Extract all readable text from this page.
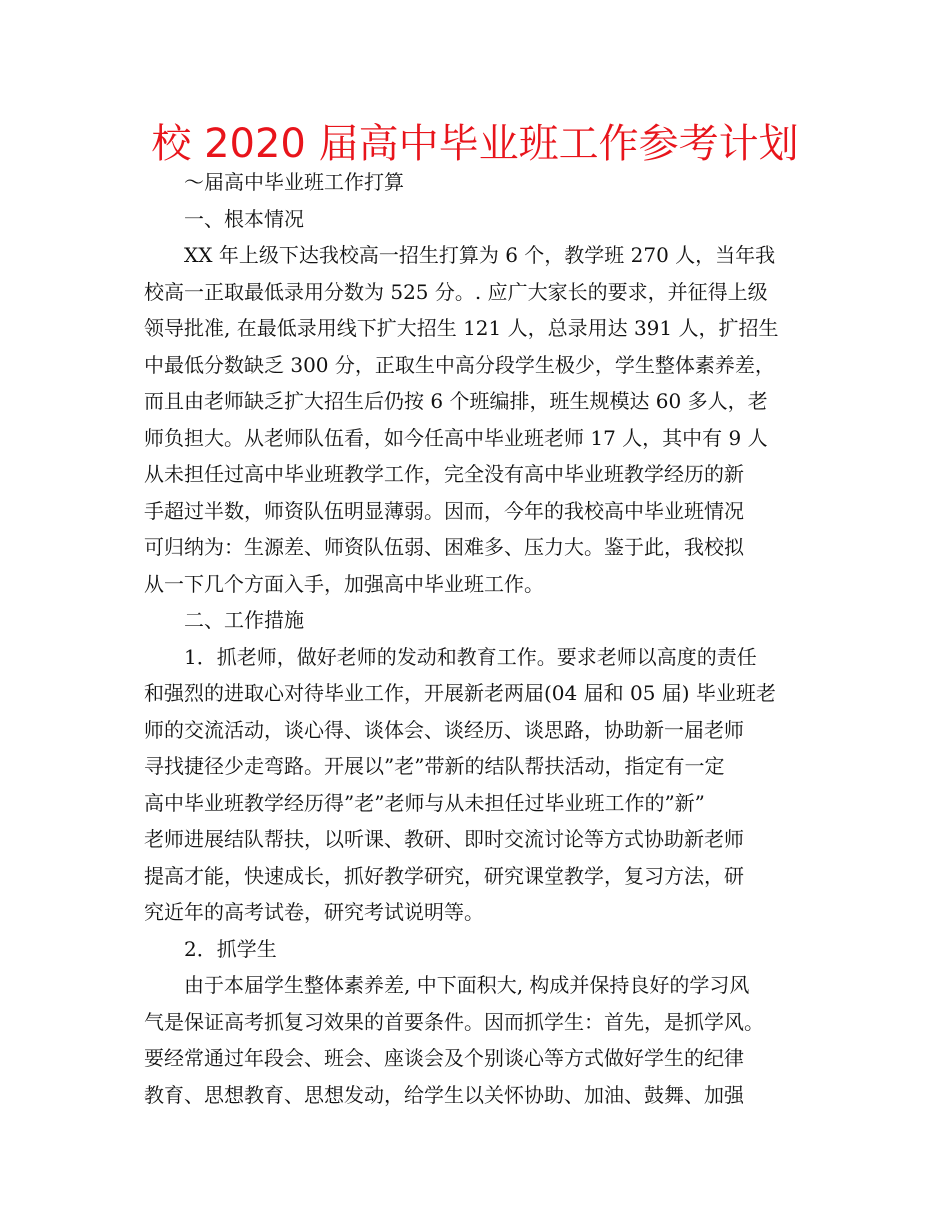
校 2020 届高中毕业班工作参考计划
～届高中毕业班工作打算
一、根本情况
XX 年上级下达我校高一招生打算为 6 个，教学班 270 人，当年我
校高一正取最低录用分数为 525 分。. 应广大家长的要求，并征得上级
领导批准, 在最低录用线下扩大招生 121 人，总录用达 391 人，扩招生
中最低分数缺乏 300 分，正取生中高分段学生极少，学生整体素养差，
而且由老师缺乏扩大招生后仍按 6 个班编排，班生规模达 60 多人，老
师负担大。从老师队伍看，如今任高中毕业班老师 17 人，其中有 9 人
从未担任过高中毕业班教学工作，完全没有高中毕业班教学经历的新
手超过半数，师资队伍明显薄弱。因而，今年的我校高中毕业班情况
可归纳为：生源差、师资队伍弱、困难多、压力大。鉴于此，我校拟
从一下几个方面入手，加强高中毕业班工作。
二、工作措施
1．抓老师，做好老师的发动和教育工作。要求老师以高度的责任
和强烈的进取心对待毕业工作，开展新老两届(04 届和 05 届) 毕业班老
师的交流活动，谈心得、谈体会、谈经历、谈思路，协助新一届老师
寻找捷径少走弯路。开展以”老”带新的结队帮扶活动，指定有一定
高中毕业班教学经历得”老”老师与从未担任过毕业班工作的”新”
老师进展结队帮扶，以听课、教研、即时交流讨论等方式协助新老师
提高才能，快速成长，抓好教学研究，研究课堂教学，复习方法，研
究近年的高考试卷，研究考试说明等。
2．抓学生
由于本届学生整体素养差, 中下面积大, 构成并保持良好的学习风
气是保证高考抓复习效果的首要条件。因而抓学生：首先，是抓学风。
要经常通过年段会、班会、座谈会及个别谈心等方式做好学生的纪律
教育、思想教育、思想发动，给学生以关怀协助、加油、鼓舞、加强
